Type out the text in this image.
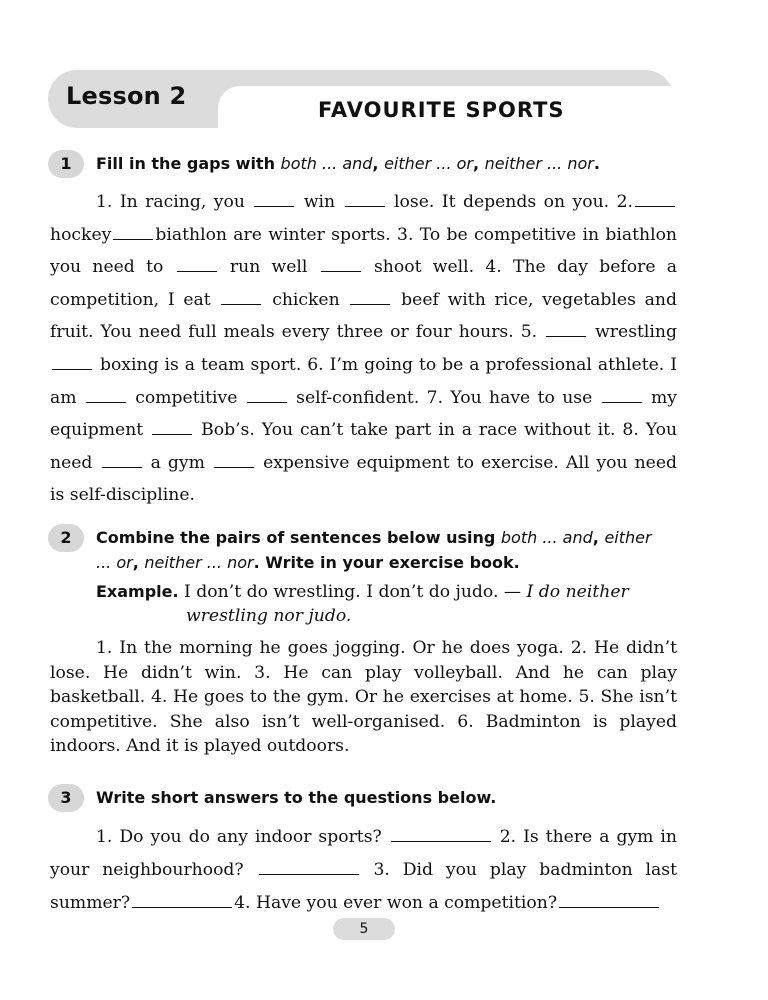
Lesson 2	FAVOURITE SPORTS
1	Fill in the gaps with both ... and, either ... or, neither ... nor.
1. In racing, you	win	lose. It depends on you. 2.hockey	biathlon are winter sports. 3. To be competitive in biathlon you need to	run well	shoot well. 4. The day before a competition, I eat	chicken	beef with rice, vegetables and fruit. You need full meals every three or four hours. 5.	wrestling  boxing is a team sport. 6. I’m going to be a professional athlete. I am	competitive	self-confident. 7. You have to use	my equipment	Bob’s. You can’t take part in a race without it. 8. You need	a gym	expensive equipment to exercise. All you need is self-discipline.
2	Combine the pairs of sentences below using both ... and, either
... or, neither ... nor. Write in your exercise book.
Example. I don’t do wrestling. I don’t do judo. — I do neither
wrestling nor judo.
1. In the morning he goes jogging. Or he does yoga. 2. He didn’t lose. He didn’t win. 3. He can play volleyball. And he can play basketball. 4. He goes to the gym. Or he exercises at home. 5. She isn’t competitive. She also isn’t well-organised. 6. Badminton is played indoors. And it is played outdoors.
3	Write short answers to the questions below.
1. Do you do any indoor sports?	2. Is there a gym in your neighbourhood?	3. Did you play badminton last summer?	4. Have you ever won a competition?
5
